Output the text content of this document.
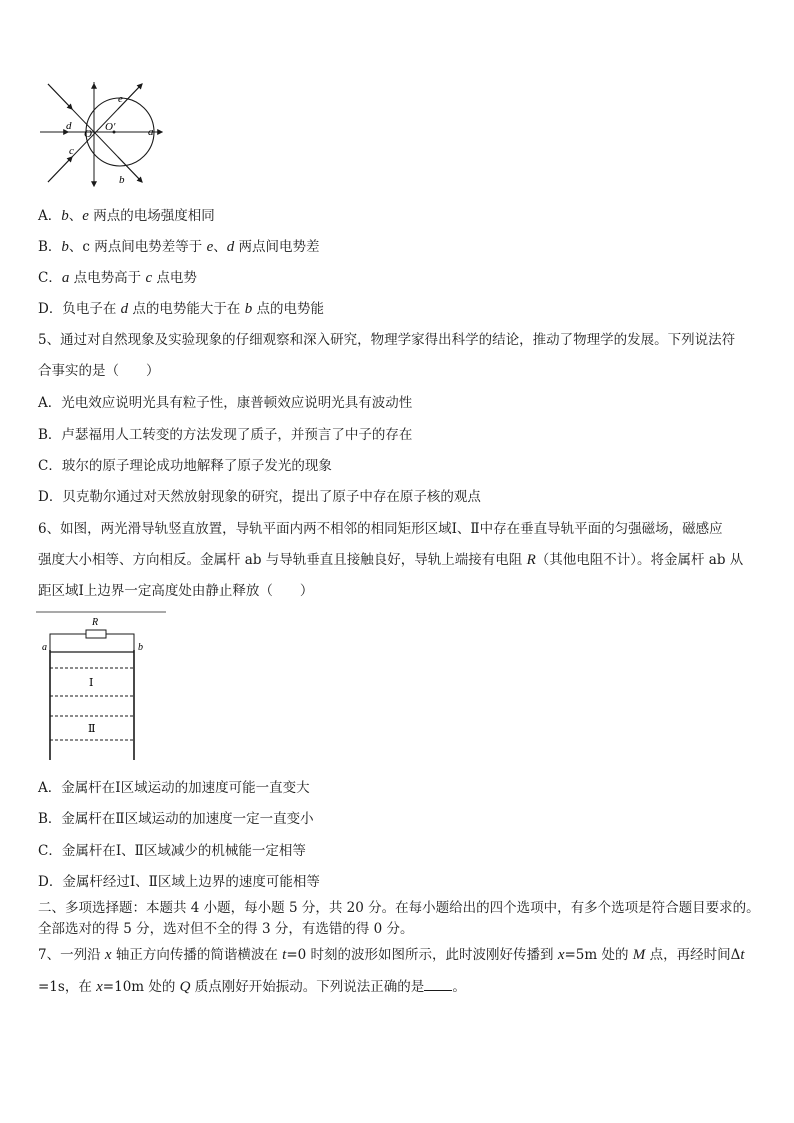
e
d
O
O′	a
c
b
A．b、e 两点的电场强度相同
B．b、c 两点间电势差等于 e、d 两点间电势差
C．a 点电势高于 c 点电势
D．负电子在 d 点的电势能大于在 b 点的电势能
5、通过对自然现象及实验现象的仔细观察和深入研究，物理学家得出科学的结论，推动了物理学的发展。下列说法符
合事实的是（　　）
A．光电效应说明光具有粒子性，康普顿效应说明光具有波动性
B．卢瑟福用人工转变的方法发现了质子，并预言了中子的存在
C．玻尔的原子理论成功地解释了原子发光的现象
D．贝克勒尔通过对天然放射现象的研究，提出了原子中存在原子核的观点
6、如图，两光滑导轨竖直放置，导轨平面内两不相邻的相同矩形区域Ⅰ、Ⅱ中存在垂直导轨平面的匀强磁场，磁感应
强度大小相等、方向相反。金属杆 ab 与导轨垂直且接触良好，导轨上端接有电阻 R（其他电阻不计）。将金属杆 ab 从
距区域Ⅰ上边界一定高度处由静止释放（　　）
R
a	b
Ⅰ
Ⅱ
A．金属杆在Ⅰ区域运动的加速度可能一直变大
B．金属杆在Ⅱ区域运动的加速度一定一直变小
C．金属杆在Ⅰ、Ⅱ区域减少的机械能一定相等
D．金属杆经过Ⅰ、Ⅱ区域上边界的速度可能相等
二、多项选择题：本题共 4 小题，每小题 5 分，共 20 分。在每小题给出的四个选项中，有多个选项是符合题目要求的。
全部选对的得 5 分，选对但不全的得 3 分，有选错的得 0 分。
7、一列沿 x 轴正方向传播的简谐横波在 t=0 时刻的波形如图所示，此时波刚好传播到 x=5m 处的 M 点，再经时间Δt
=1s，在 x=10m 处的 Q 质点刚好开始振动。下列说法正确的是 。
